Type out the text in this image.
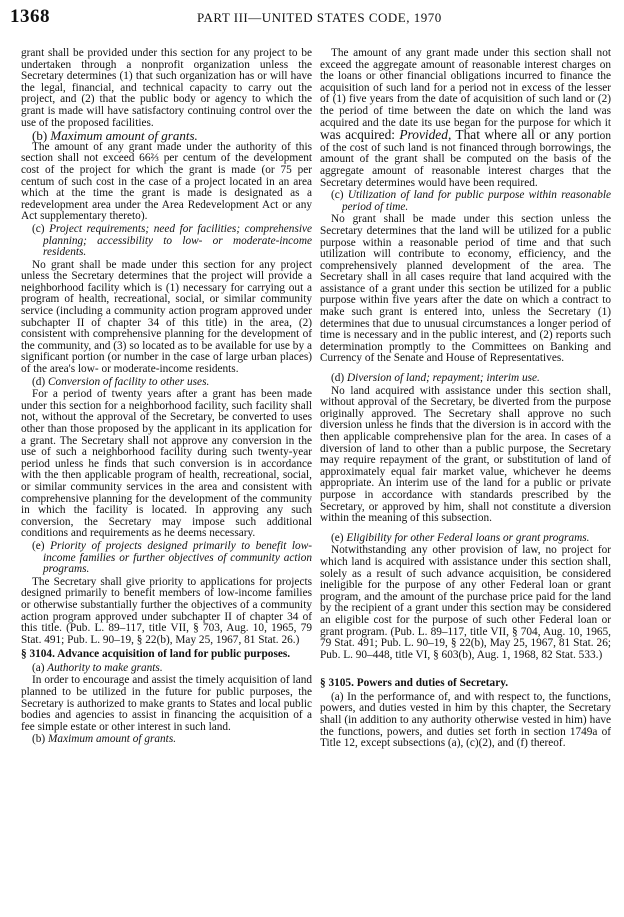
1368	PART III—UNITED STATES CODE, 1970

grant shall be provided under this section for any project to be undertaken through a nonprofit organization unless the Secretary determines (1) that such organization has or will have the legal, financial, and technical capacity to carry out the project, and (2) that the public body or agency to which the grant is made will have satisfactory continuing control over the use of the proposed facilities.

(b) Maximum amount of grants.

The amount of any grant made under the authority of this section shall not exceed 66⅔ per centum of the development cost of the project for which the grant is made (or 75 per centum of such cost in the case of a project located in an area which at the time the grant is made is designated as a redevelopment area under the Area Redevelopment Act or any Act supplementary thereto).

(c) Project requirements; need for facilities; comprehensive planning; accessibility to low- or moderate-income residents.

No grant shall be made under this section for any project unless the Secretary determines that the project will provide a neighborhood facility which is (1) necessary for carrying out a program of health, recreational, social, or similar community service (including a community action program approved under subchapter II of chapter 34 of this title) in the area, (2) consistent with comprehensive planning for the development of the community, and (3) so located as to be available for use by a significant portion (or number in the case of large urban places) of the area's low- or moderate-income residents.

(d) Conversion of facility to other uses.

For a period of twenty years after a grant has been made under this section for a neighborhood facility, such facility shall not, without the approval of the Secretary, be converted to uses other than those proposed by the applicant in its application for a grant. The Secretary shall not approve any conversion in the use of such a neighborhood facility during such twenty-year period unless he finds that such conversion is in accordance with the then applicable program of health, recreational, social, or similar community services in the area and consistent with comprehensive planning for the development of the community in which the facility is located. In approving any such conversion, the Secretary may impose such additional conditions and requirements as he deems necessary.

(e) Priority of projects designed primarily to benefit low-income families or further objectives of community action programs.

The Secretary shall give priority to applications for projects designed primarily to benefit members of low-income families or otherwise substantially further the objectives of a community action program approved under subchapter II of chapter 34 of this title. (Pub. L. 89–117, title VII, § 703, Aug. 10, 1965, 79 Stat. 491; Pub. L. 90–19, § 22(b), May 25, 1967, 81 Stat. 26.)

§ 3104. Advance acquisition of land for public purposes.
(a) Authority to make grants.

In order to encourage and assist the timely acquisition of land planned to be utilized in the future for public purposes, the Secretary is authorized to make grants to States and local public bodies and agencies to assist in financing the acquisition of a fee simple estate or other interest in such land.

(b) Maximum amount of grants.

The amount of any grant made under this section shall not exceed the aggregate amount of reasonable interest charges on the loans or other financial obligations incurred to finance the acquisition of such land for a period not in excess of the lesser of (1) five years from the date of acquisition of such land or (2) the period of time between the date on which the land was acquired and the date its use began for the purpose for which it was acquired: Provided, That where all or any portion of the cost of such land is not financed through borrowings, the amount of the grant shall be computed on the basis of the aggregate amount of reasonable interest charges that the Secretary determines would have been required.

(c) Utilization of land for public purpose within reasonable period of time.

No grant shall be made under this section unless the Secretary determines that the land will be utilized for a public purpose within a reasonable period of time and that such utilization will contribute to economy, efficiency, and the comprehensively planned development of the area. The Secretary shall in all cases require that land acquired with the assistance of a grant under this section be utilized for a public purpose within five years after the date on which a contract to make such grant is entered into, unless the Secretary (1) determines that due to unusual circumstances a longer period of time is necessary and in the public interest, and (2) reports such determination promptly to the Committees on Banking and Currency of the Senate and House of Representatives.

(d) Diversion of land; repayment; interim use.

No land acquired with assistance under this section shall, without approval of the Secretary, be diverted from the purpose originally approved. The Secretary shall approve no such diversion unless he finds that the diversion is in accord with the then applicable comprehensive plan for the area. In cases of a diversion of land to other than a public purpose, the Secretary may require repayment of the grant, or substitution of land of approximately equal fair market value, whichever he deems appropriate. An interim use of the land for a public or private purpose in accordance with standards prescribed by the Secretary, or approved by him, shall not constitute a diversion within the meaning of this subsection.

(e) Eligibility for other Federal loans or grant programs.

Notwithstanding any other provision of law, no project for which land is acquired with assistance under this section shall, solely as a result of such advance acquisition, be considered ineligible for the purpose of any other Federal loan or grant program, and the amount of the purchase price paid for the land by the recipient of a grant under this section may be considered an eligible cost for the purpose of such other Federal loan or grant program. (Pub. L. 89–117, title VII, § 704, Aug. 10, 1965, 79 Stat. 491; Pub. L. 90–19, § 22(b), May 25, 1967, 81 Stat. 26; Pub. L. 90–448, title VI, § 603(b), Aug. 1, 1968, 82 Stat. 533.)

§ 3105. Powers and duties of Secretary.

(a) In the performance of, and with respect to, the functions, powers, and duties vested in him by this chapter, the Secretary shall (in addition to any authority otherwise vested in him) have the functions, powers, and duties set forth in section 1749a of Title 12, except subsections (a), (c)(2), and (f) thereof.
